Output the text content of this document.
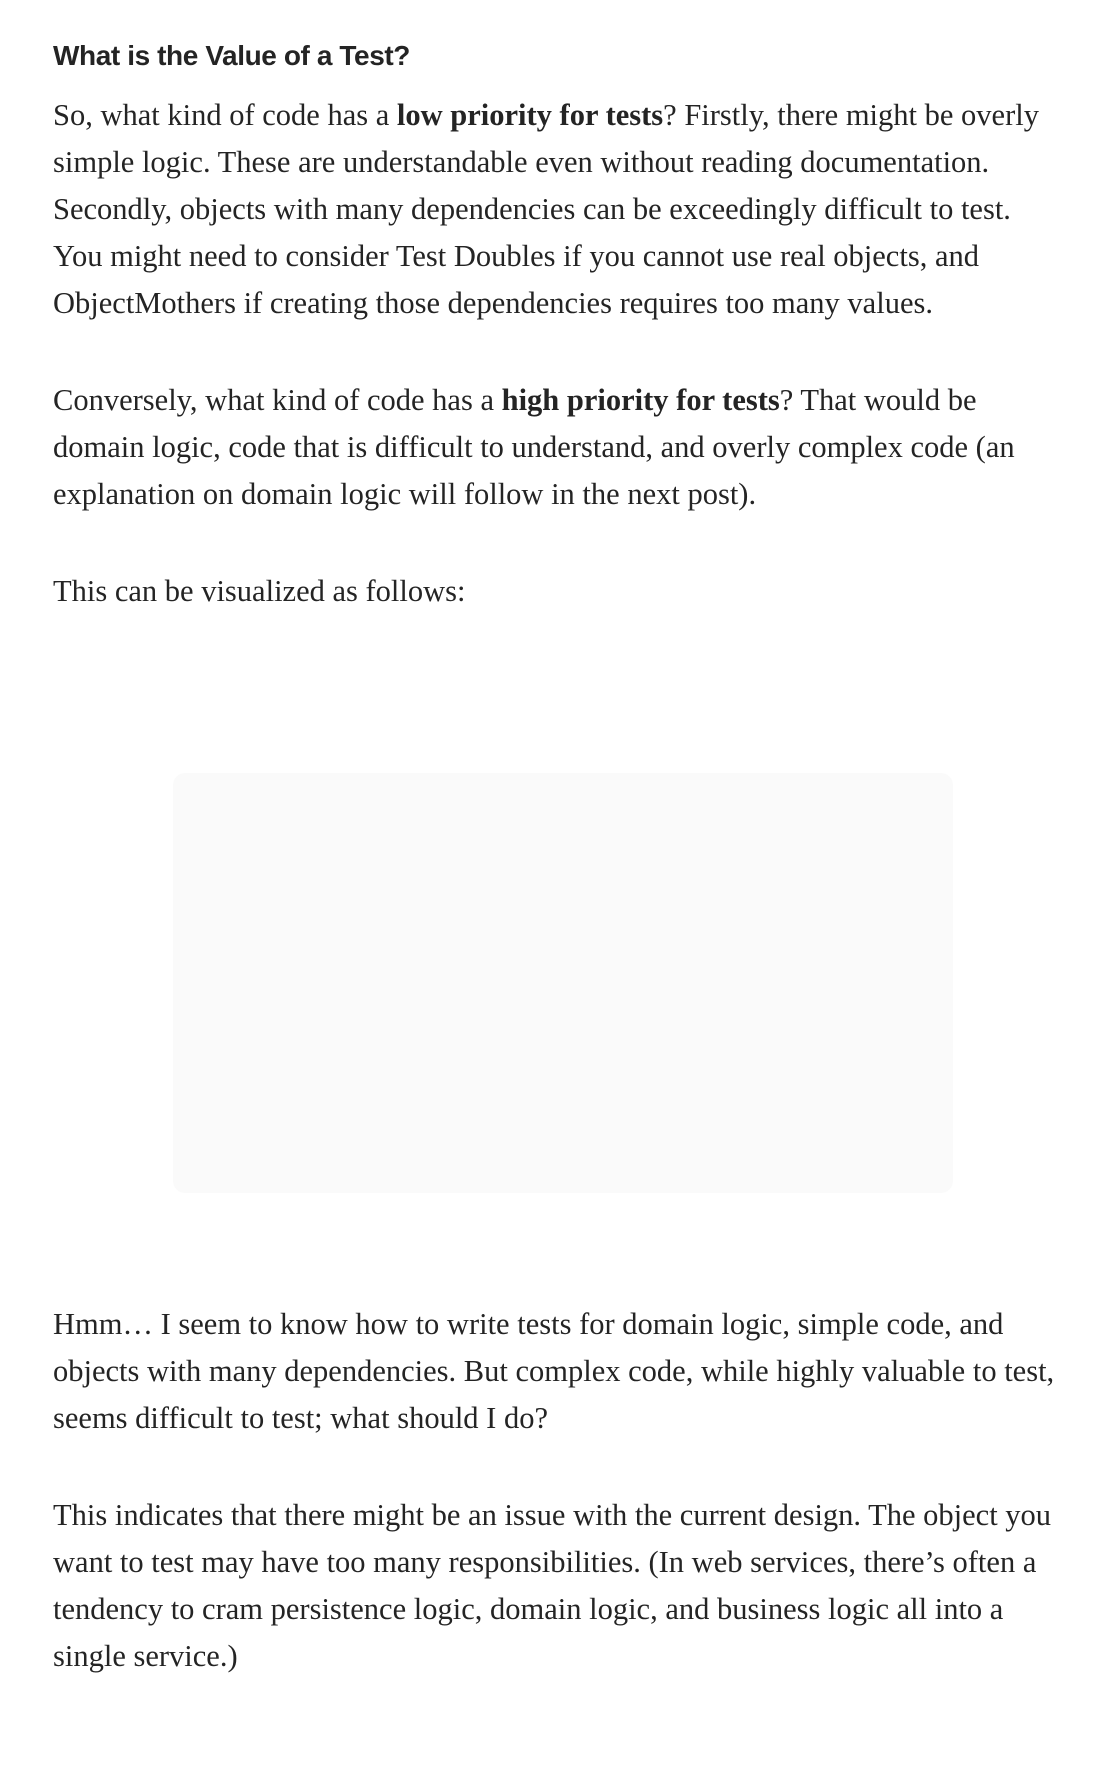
What is the Value of a Test?

So, what kind of code has a low priority for tests? Firstly, there might be overly simple logic. These are understandable even without reading documentation. Secondly, objects with many dependencies can be exceedingly difficult to test. You might need to consider Test Doubles if you cannot use real objects, and ObjectMothers if creating those dependencies requires too many values.

Conversely, what kind of code has a high priority for tests? That would be domain logic, code that is difficult to understand, and overly complex code (an explanation on domain logic will follow in the next post).

This can be visualized as follows:

Hmm… I seem to know how to write tests for domain logic, simple code, and objects with many dependencies. But complex code, while highly valuable to test, seems difficult to test; what should I do?

This indicates that there might be an issue with the current design. The object you want to test may have too many responsibilities. (In web services, there’s often a tendency to cram persistence logic, domain logic, and business logic all into a single service.)
